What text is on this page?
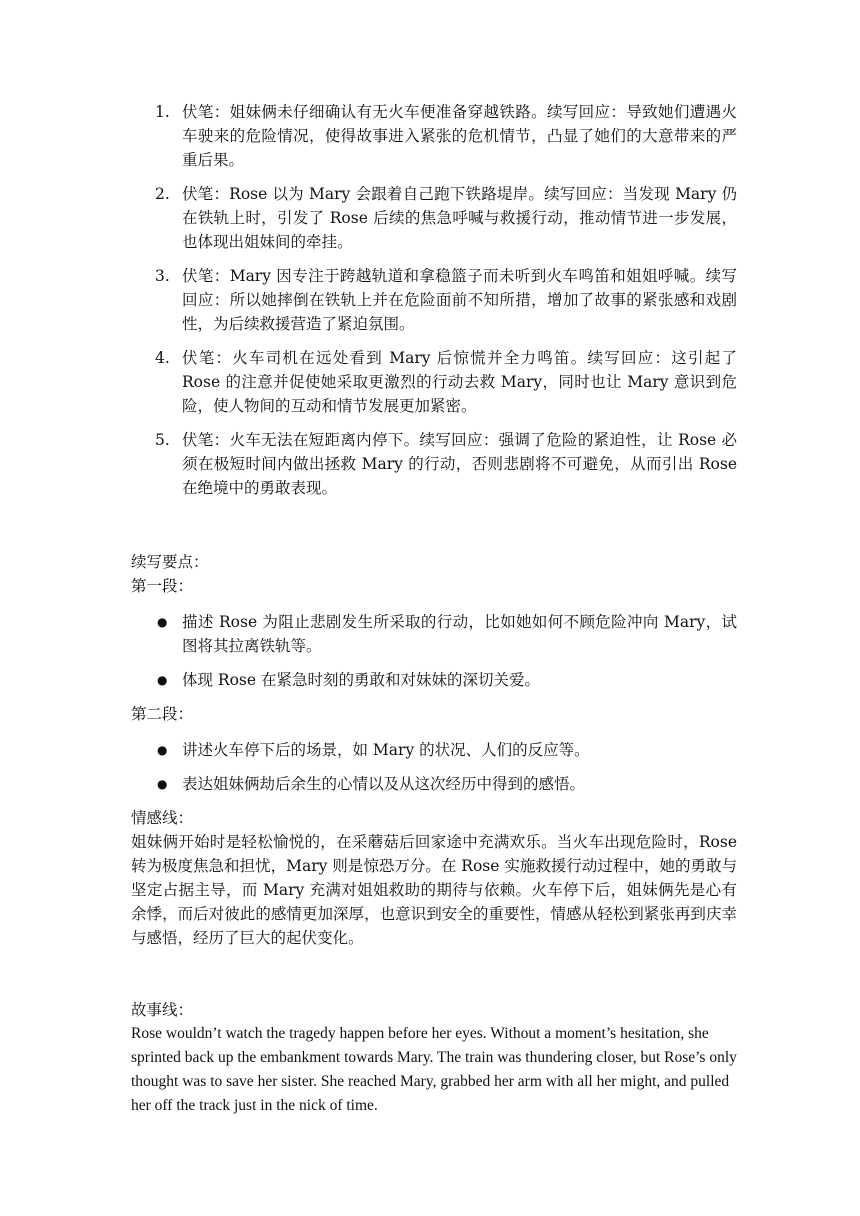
1. 伏笔：姐妹俩未仔细确认有无火车便准备穿越铁路。续写回应：导致她们遭遇火车驶来的危险情况，使得故事进入紧张的危机情节，凸显了她们的大意带来的严重后果。
2. 伏笔：Rose 以为 Mary 会跟着自己跑下铁路堤岸。续写回应：当发现 Mary 仍在铁轨上时，引发了 Rose 后续的焦急呼喊与救援行动，推动情节进一步发展，也体现出姐妹间的牵挂。
3. 伏笔：Mary 因专注于跨越轨道和拿稳篮子而未听到火车鸣笛和姐姐呼喊。续写回应：所以她摔倒在铁轨上并在危险面前不知所措，增加了故事的紧张感和戏剧性，为后续救援营造了紧迫氛围。
4. 伏笔：火车司机在远处看到 Mary 后惊慌并全力鸣笛。续写回应：这引起了 Rose 的注意并促使她采取更激烈的行动去救 Mary，同时也让 Mary 意识到危险，使人物间的互动和情节发展更加紧密。
5. 伏笔：火车无法在短距离内停下。续写回应：强调了危险的紧迫性，让 Rose 必须在极短时间内做出拯救 Mary 的行动，否则悲剧将不可避免，从而引出 Rose 在绝境中的勇敢表现。

续写要点：

第一段：

● 描述 Rose 为阻止悲剧发生所采取的行动，比如她如何不顾危险冲向 Mary，试图将其拉离铁轨等。
● 体现 Rose 在紧急时刻的勇敢和对妹妹的深切关爱。

第二段：

● 讲述火车停下后的场景，如 Mary 的状况、人们的反应等。
● 表达姐妹俩劫后余生的心情以及从这次经历中得到的感悟。

情感线：

姐妹俩开始时是轻松愉悦的，在采蘑菇后回家途中充满欢乐。当火车出现危险时，Rose 转为极度焦急和担忧，Mary 则是惊恐万分。在 Rose 实施救援行动过程中，她的勇敢与坚定占据主导，而 Mary 充满对姐姐救助的期待与依赖。火车停下后，姐妹俩先是心有余悸，而后对彼此的感情更加深厚，也意识到安全的重要性，情感从轻松到紧张再到庆幸与感悟，经历了巨大的起伏变化。

故事线：

Rose wouldn’t watch the tragedy happen before her eyes. Without a moment’s hesitation, she sprinted back up the embankment towards Mary. The train was thundering closer, but Rose’s only thought was to save her sister. She reached Mary, grabbed her arm with all her might, and pulled her off the track just in the nick of time.
